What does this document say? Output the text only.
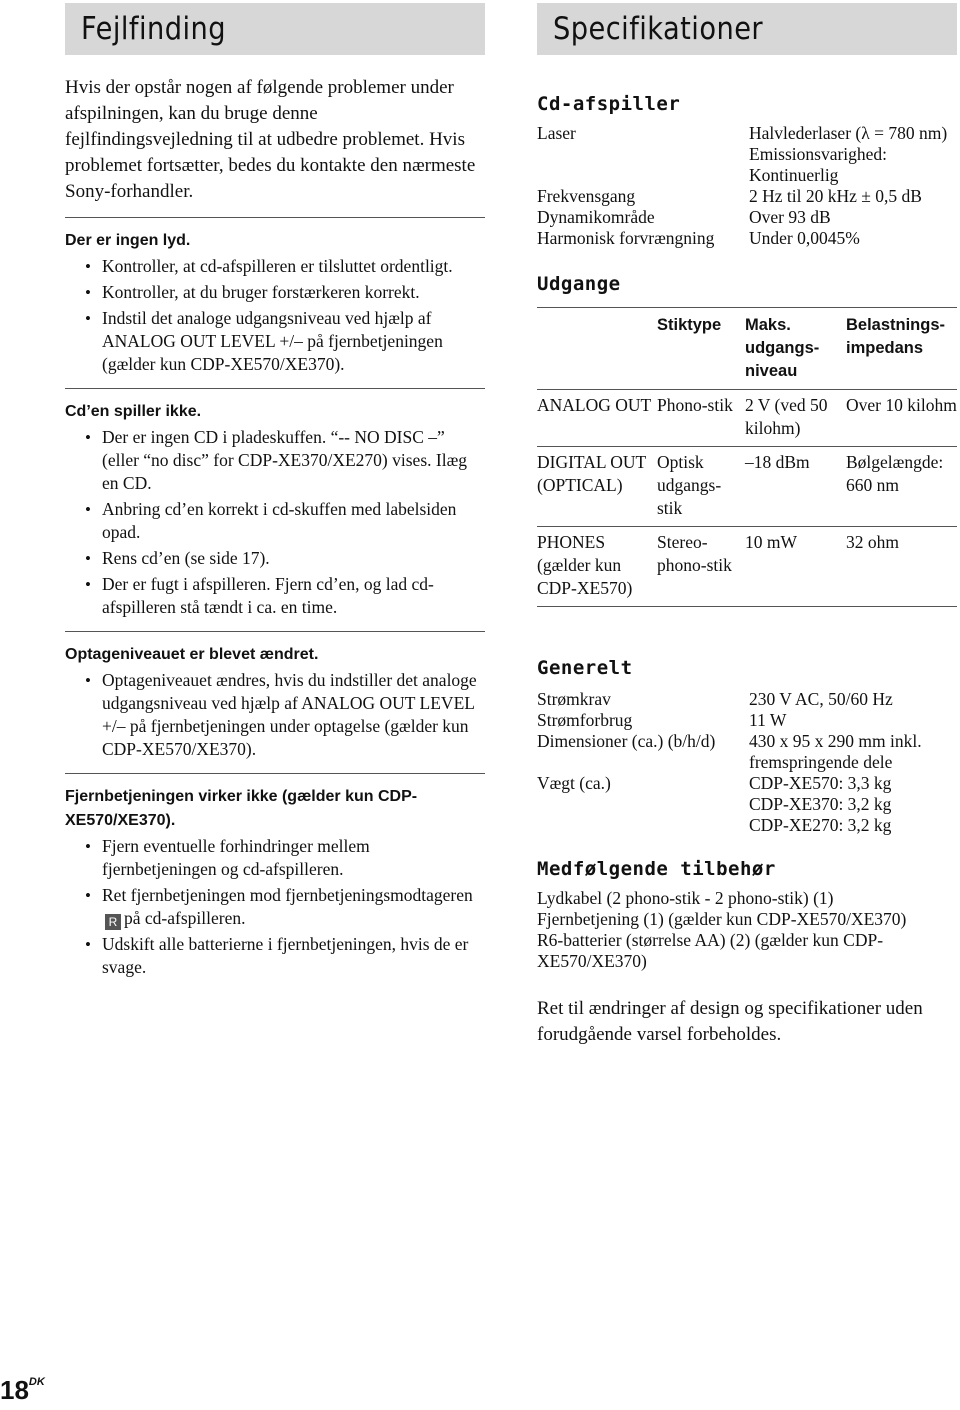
Fejlfinding
Hvis der opstår nogen af følgende problemer under afspilningen, kan du bruge denne fejlfindingsvejledning til at udbedre problemet. Hvis problemet fortsætter, bedes du kontakte den nærmeste Sony-forhandler.
Der er ingen lyd.
• Kontroller, at cd-afspilleren er tilsluttet ordentligt.
• Kontroller, at du bruger forstærkeren korrekt.
• Indstil det analoge udgangsniveau ved hjælp af ANALOG OUT LEVEL +/– på fjernbetjeningen (gælder kun CDP-XE570/XE370).
Cd’en spiller ikke.
• Der er ingen CD i pladeskuffen. “-- NO DISC –” (eller “no disc” for CDP-XE370/XE270) vises. Ilæg en CD.
• Anbring cd’en korrekt i cd-skuffen med labelsiden opad.
• Rens cd’en (se side 17).
• Der er fugt i afspilleren. Fjern cd’en, og lad cd-afspilleren stå tændt i ca. en time.
Optageniveauet er blevet ændret.
• Optageniveauet ændres, hvis du indstiller det analoge udgangsniveau ved hjælp af ANALOG OUT LEVEL +/– på fjernbetjeningen under optagelse (gælder kun CDP-XE570/XE370).
Fjernbetjeningen virker ikke (gælder kun CDP-XE570/XE370).
• Fjern eventuelle forhindringer mellem fjernbetjeningen og cd-afspilleren.
• Ret fjernbetjeningen mod fjernbetjeningsmodtagerenR på cd-afspilleren.
• Udskift alle batterierne i fjernbetjeningen, hvis de er svage.
Specifikationer
Cd-afspiller
Laser	Halvlederlaser (λ = 780 nm)
	Emissionsvarighed: Kontinuerlig
Frekvensgang	2 Hz til 20 kHz ± 0,5 dB
Dynamikområde	Over 93 dB
Harmonisk forvrængning	Under 0,0045%
Udgange
	Stiktype	Maks. udgangs-niveau	Belastnings-impedans
ANALOG OUT	Phono-stik	2 V (ved 50 kilohm)	Over 10 kilohm
DIGITAL OUT (OPTICAL)	Optisk udgangs-stik	–18 dBm	Bølgelængde: 660 nm
PHONES (gælder kun CDP-XE570)	Stereo-phono-stik	10 mW	32 ohm
Generelt
Strømkrav	230 V AC, 50/60 Hz
Strømforbrug	11 W
Dimensioner (ca.) (b/h/d)	430 x 95 x 290 mm inkl. fremspringende dele
Vægt (ca.)	CDP-XE570: 3,3 kg
	CDP-XE370: 3,2 kg
	CDP-XE270: 3,2 kg
Medfølgende tilbehør
Lydkabel (2 phono-stik - 2 phono-stik) (1)
Fjernbetjening (1) (gælder kun CDP-XE570/XE370)
R6-batterier (størrelse AA) (2) (gælder kun CDP-XE570/XE370)
Ret til ændringer af design og specifikationer uden forudgående varsel forbeholdes.
$18^{DK}$
